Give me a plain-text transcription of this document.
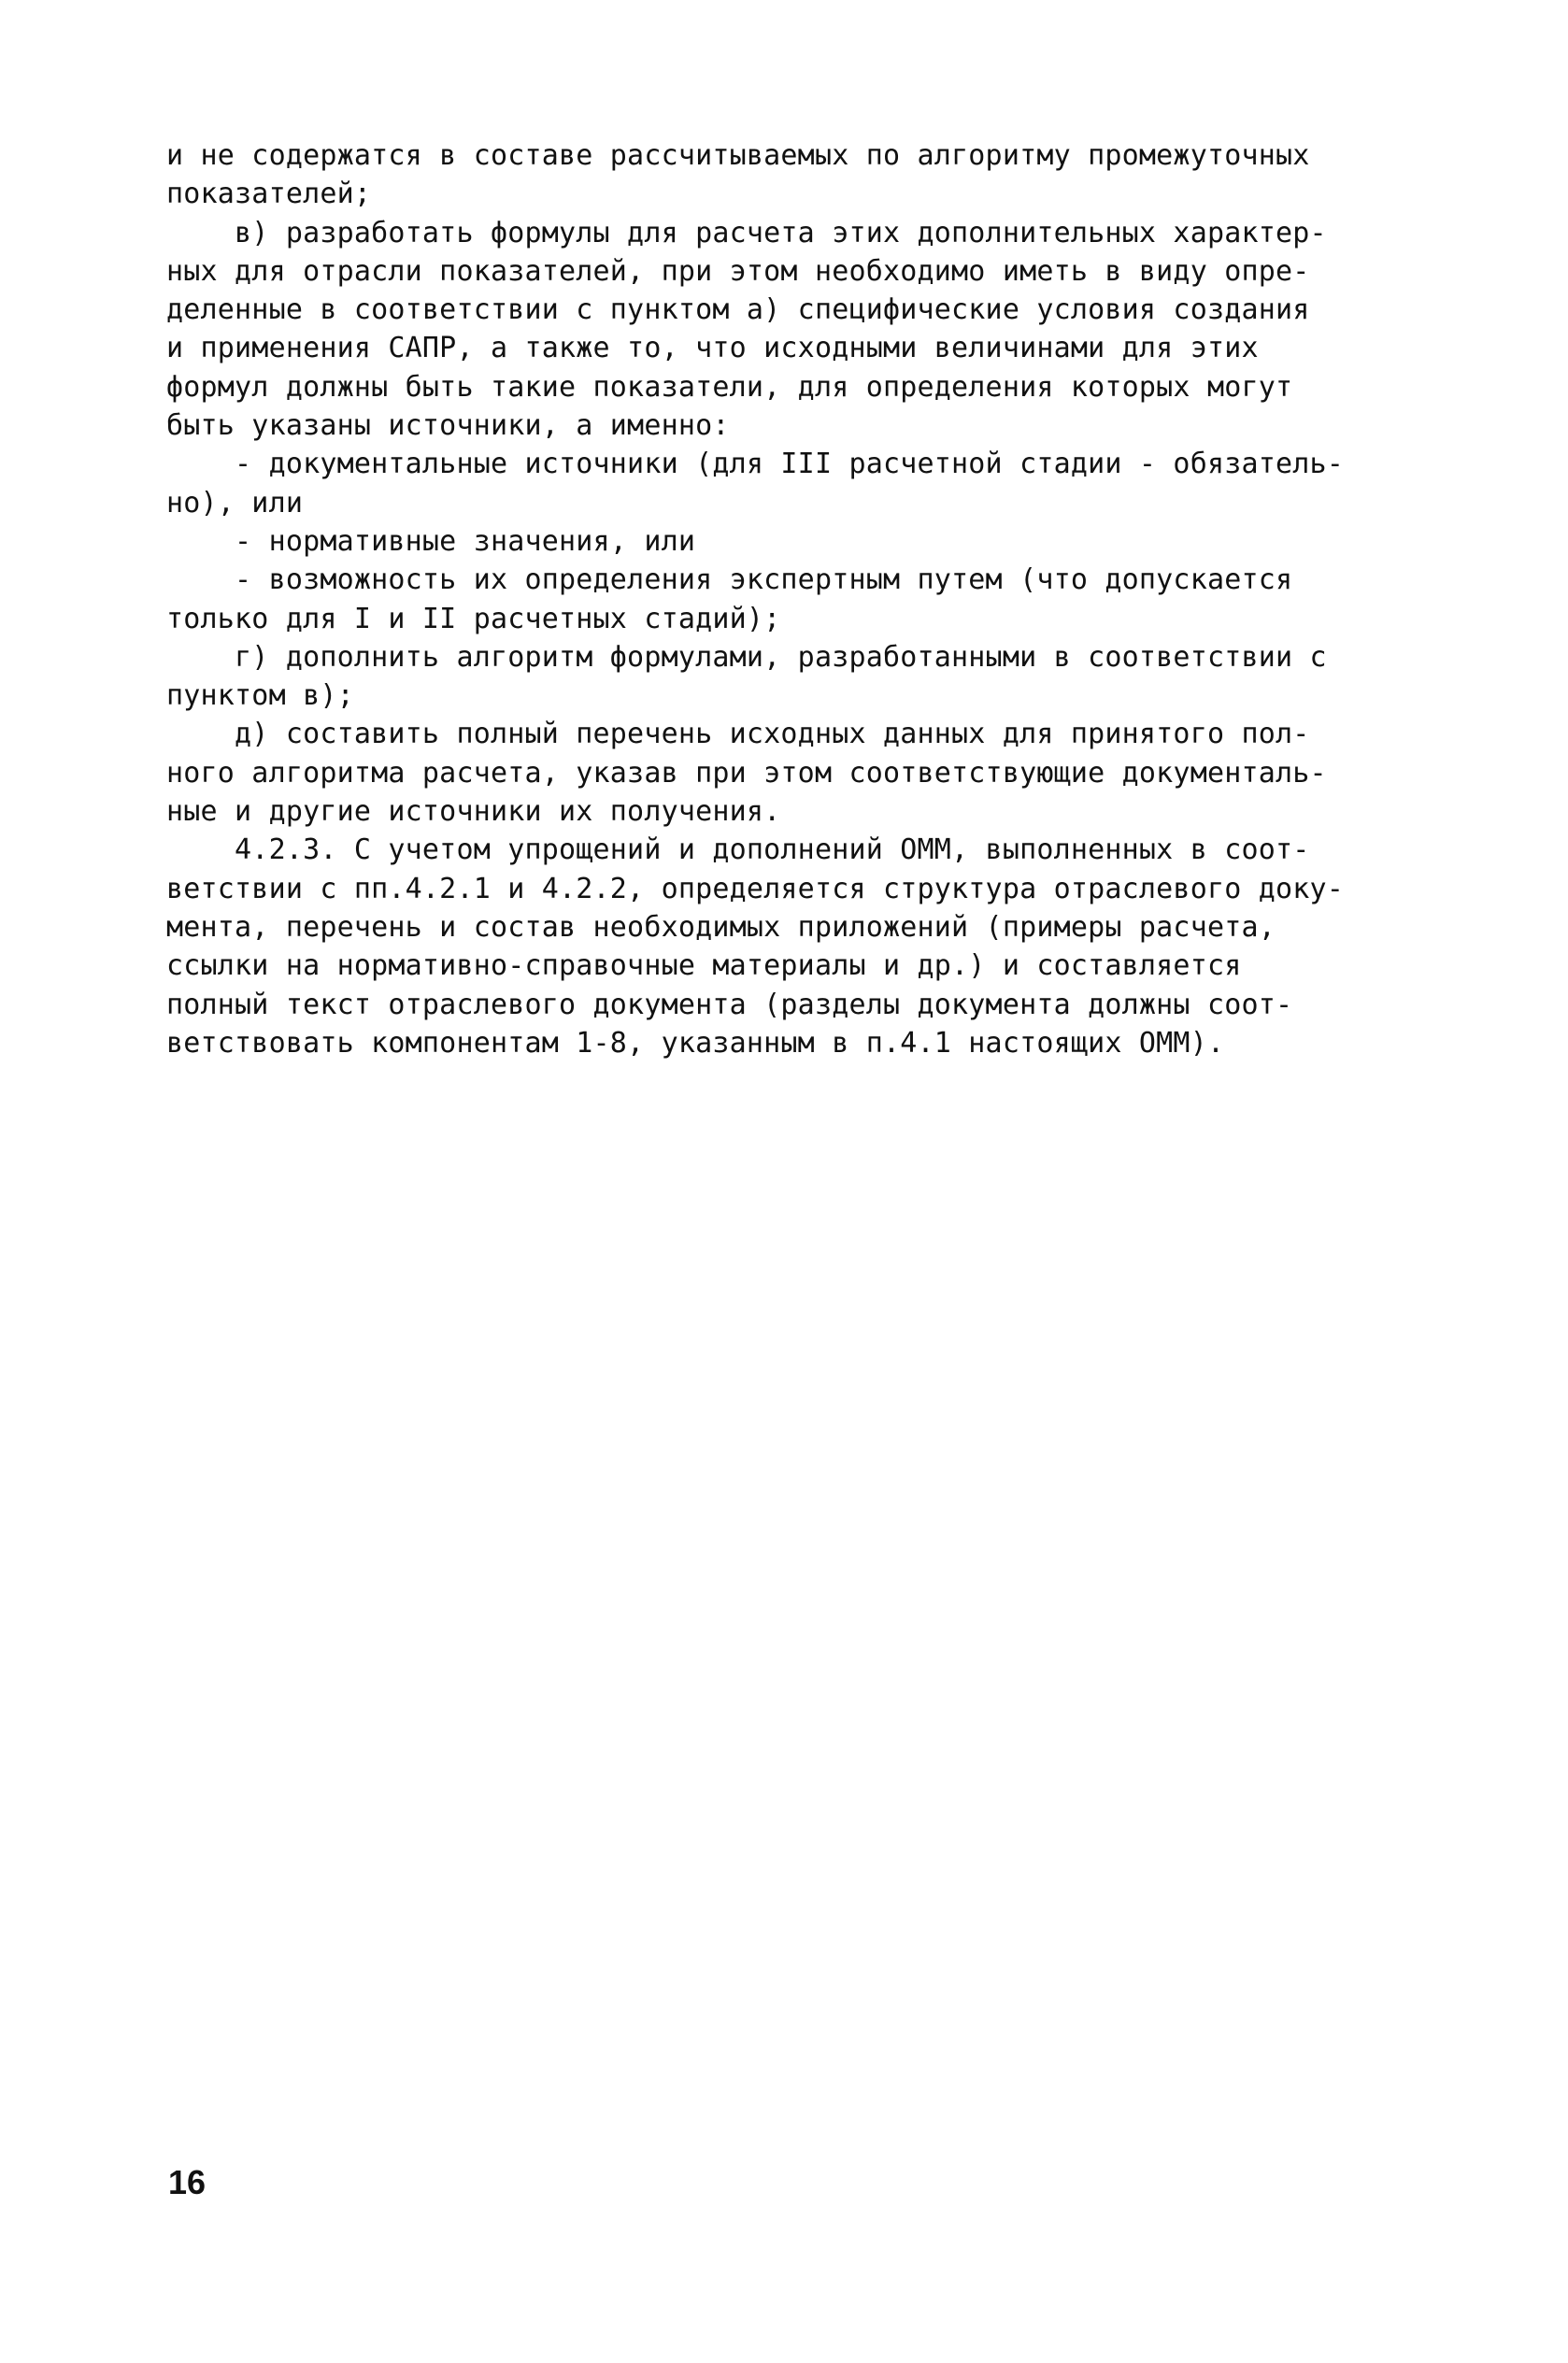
и не содержатся в составе рассчитываемых по алгоритму промежуточных
показателей;
в) разработать формулы для расчета этих дополнительных характер-
ных для отрасли показателей, при этом необходимо иметь в виду опре-
деленные в соответствии с пунктом а) специфические условия создания
и применения САПР, а также то, что исходными величинами для этих
формул должны быть такие показатели, для определения которых могут
быть указаны источники, а именно:
- документальные источники (для III расчетной стадии - обязатель-
но), или
- нормативные значения, или
- возможность их определения экспертным путем (что допускается
только для I и II расчетных стадий);
г) дополнить алгоритм формулами, разработанными в соответствии с
пунктом в);
д) составить полный перечень исходных данных для принятого пол-
ного алгоритма расчета, указав при этом соответствующие документаль-
ные и другие источники их получения.
4.2.3. С учетом упрощений и дополнений ОММ, выполненных в соот-
ветствии с пп.4.2.1 и 4.2.2, определяется структура отраслевого доку-
мента, перечень и состав необходимых приложений (примеры расчета,
ссылки на нормативно-справочные материалы и др.) и составляется
полный текст отраслевого документа (разделы документа должны соот-
ветствовать компонентам 1-8, указанным в п.4.1 настоящих ОММ).
16
